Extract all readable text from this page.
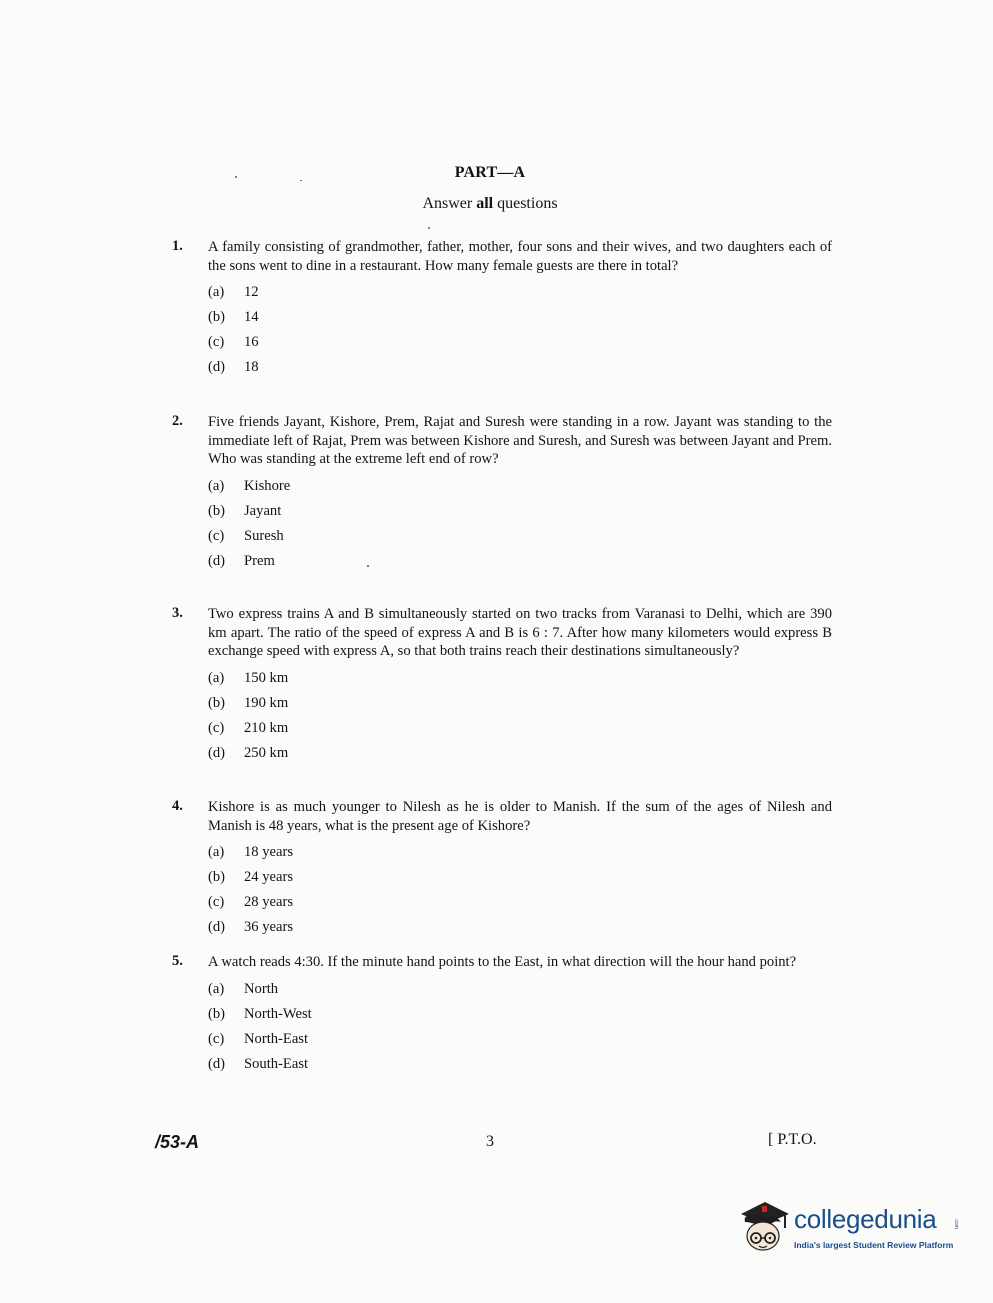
PART—A
Answer all questions
1. A family consisting of grandmother, father, mother, four sons and their wives, and two daughters each of the sons went to dine in a restaurant. How many female guests are there in total?
(a)	12
(b)	14
(c)	16
(d)	18
2. Five friends Jayant, Kishore, Prem, Rajat and Suresh were standing in a row. Jayant was standing to the immediate left of Rajat, Prem was between Kishore and Suresh, and Suresh was between Jayant and Prem. Who was standing at the extreme left end of row?
(a)	Kishore
(b)	Jayant
(c)	Suresh
(d)	Prem
3. Two express trains A and B simultaneously started on two tracks from Varanasi to Delhi, which are 390 km apart. The ratio of the speed of express A and B is 6 : 7. After how many kilometers would express B exchange speed with express A, so that both trains reach their destinations simultaneously?
(a)	150 km
(b)	190 km
(c)	210 km
(d)	250 km
4. Kishore is as much younger to Nilesh as he is older to Manish. If the sum of the ages of Nilesh and Manish is 48 years, what is the present age of Kishore?
(a)	18 years
(b)	24 years
(c)	28 years
(d)	36 years
5. A watch reads 4:30. If the minute hand points to the East, in what direction will the hour hand point?
(a)	North
(b)	North-West
(c)	North-East
(d)	South-East
/53-A	3	[ P.T.O.
collegedunia	.com
India's largest Student Review Platform
